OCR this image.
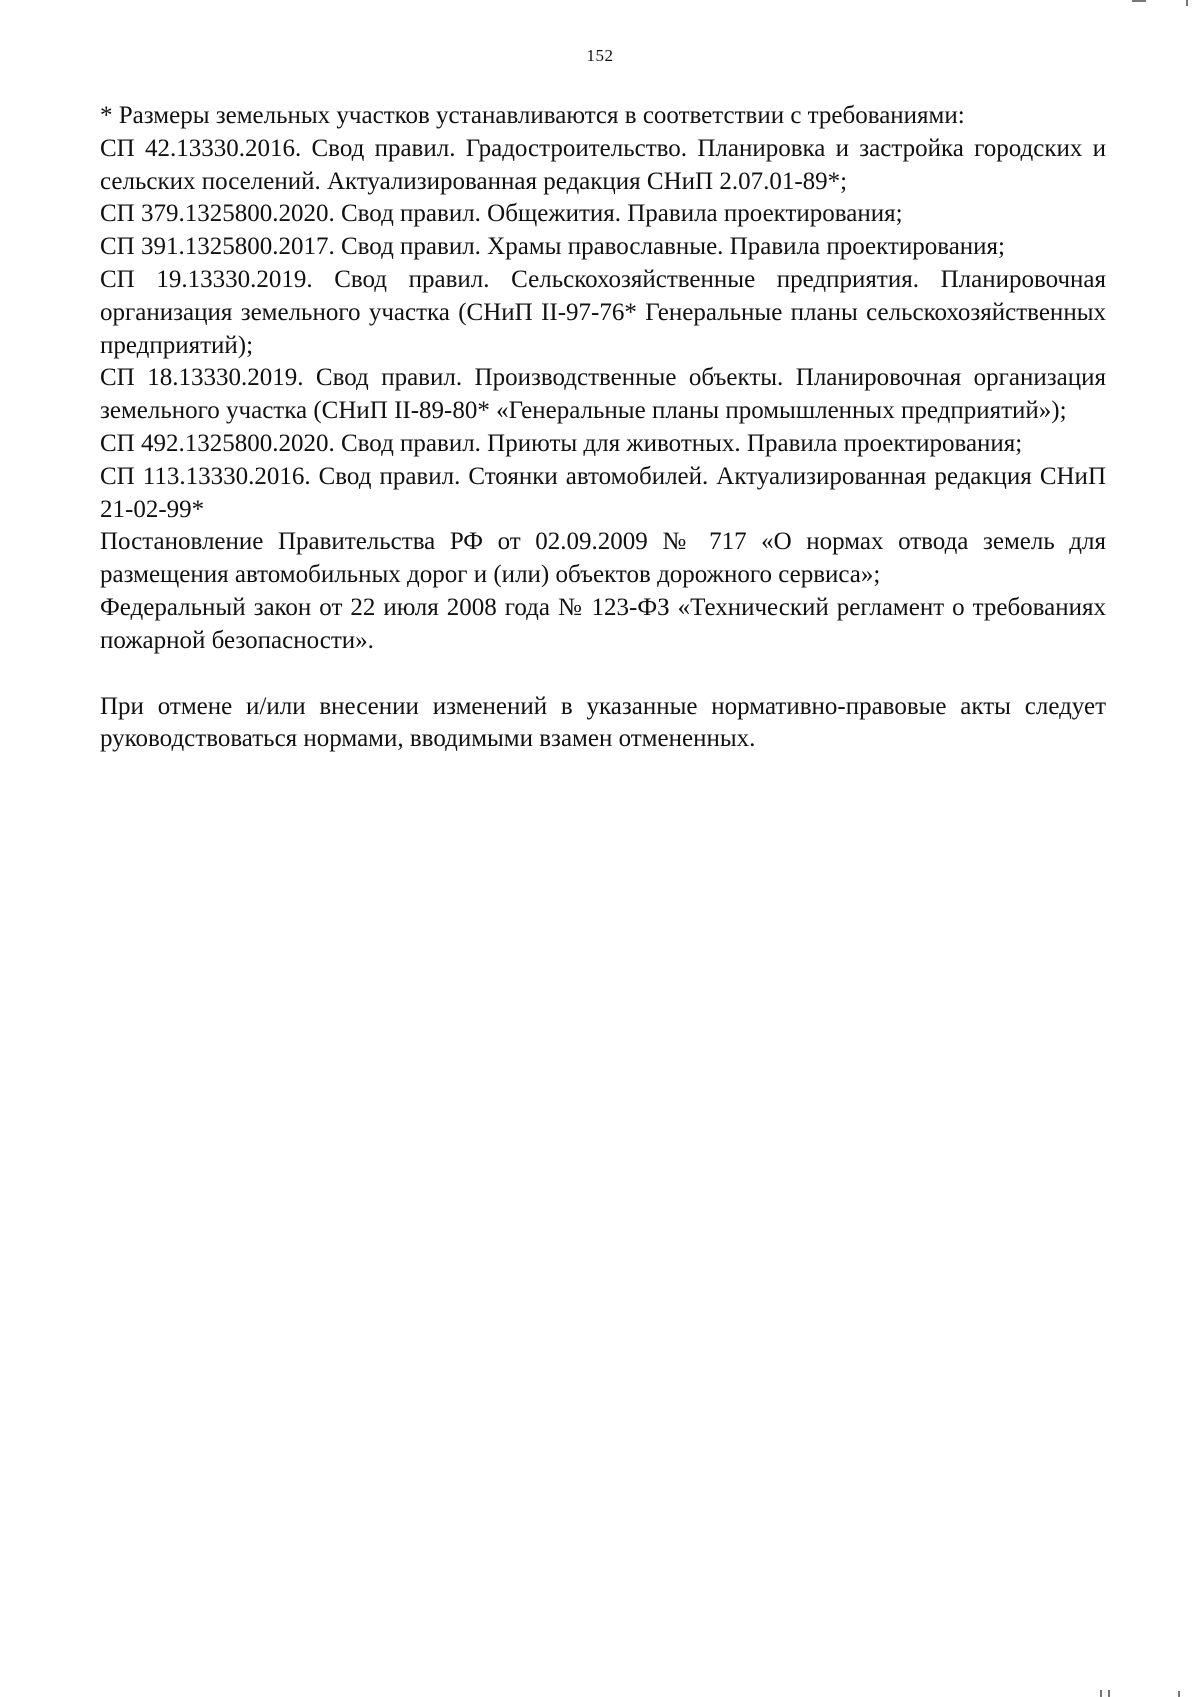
152

* Размеры земельных участков устанавливаются в соответствии с требованиями:

СП 42.13330.2016. Свод правил. Градостроительство. Планировка и застройка городских и сельских поселений. Актуализированная редакция СНиП 2.07.01-89*;

СП 379.1325800.2020. Свод правил. Общежития. Правила проектирования;

СП 391.1325800.2017. Свод правил. Храмы православные. Правила проектирования;

СП 19.13330.2019. Свод правил. Сельскохозяйственные предприятия. Планировочная организация земельного участка (СНиП II-97-76* Генеральные планы сельскохозяйственных предприятий);

СП 18.13330.2019. Свод правил. Производственные объекты. Планировочная организация земельного участка (СНиП II-89-80* «Генеральные планы промышленных предприятий»);

СП 492.1325800.2020. Свод правил. Приюты для животных. Правила проектирования;

СП 113.13330.2016. Свод правил. Стоянки автомобилей. Актуализированная редакция СНиП 21-02-99*

Постановление Правительства РФ от 02.09.2009 № 717 «О нормах отвода земель для размещения автомобильных дорог и (или) объектов дорожного сервиса»;

Федеральный закон от 22 июля 2008 года № 123-ФЗ «Технический регламент о требованиях пожарной безопасности».

При отмене и/или внесении изменений в указанные нормативно-правовые акты следует руководствоваться нормами, вводимыми взамен отмененных.
